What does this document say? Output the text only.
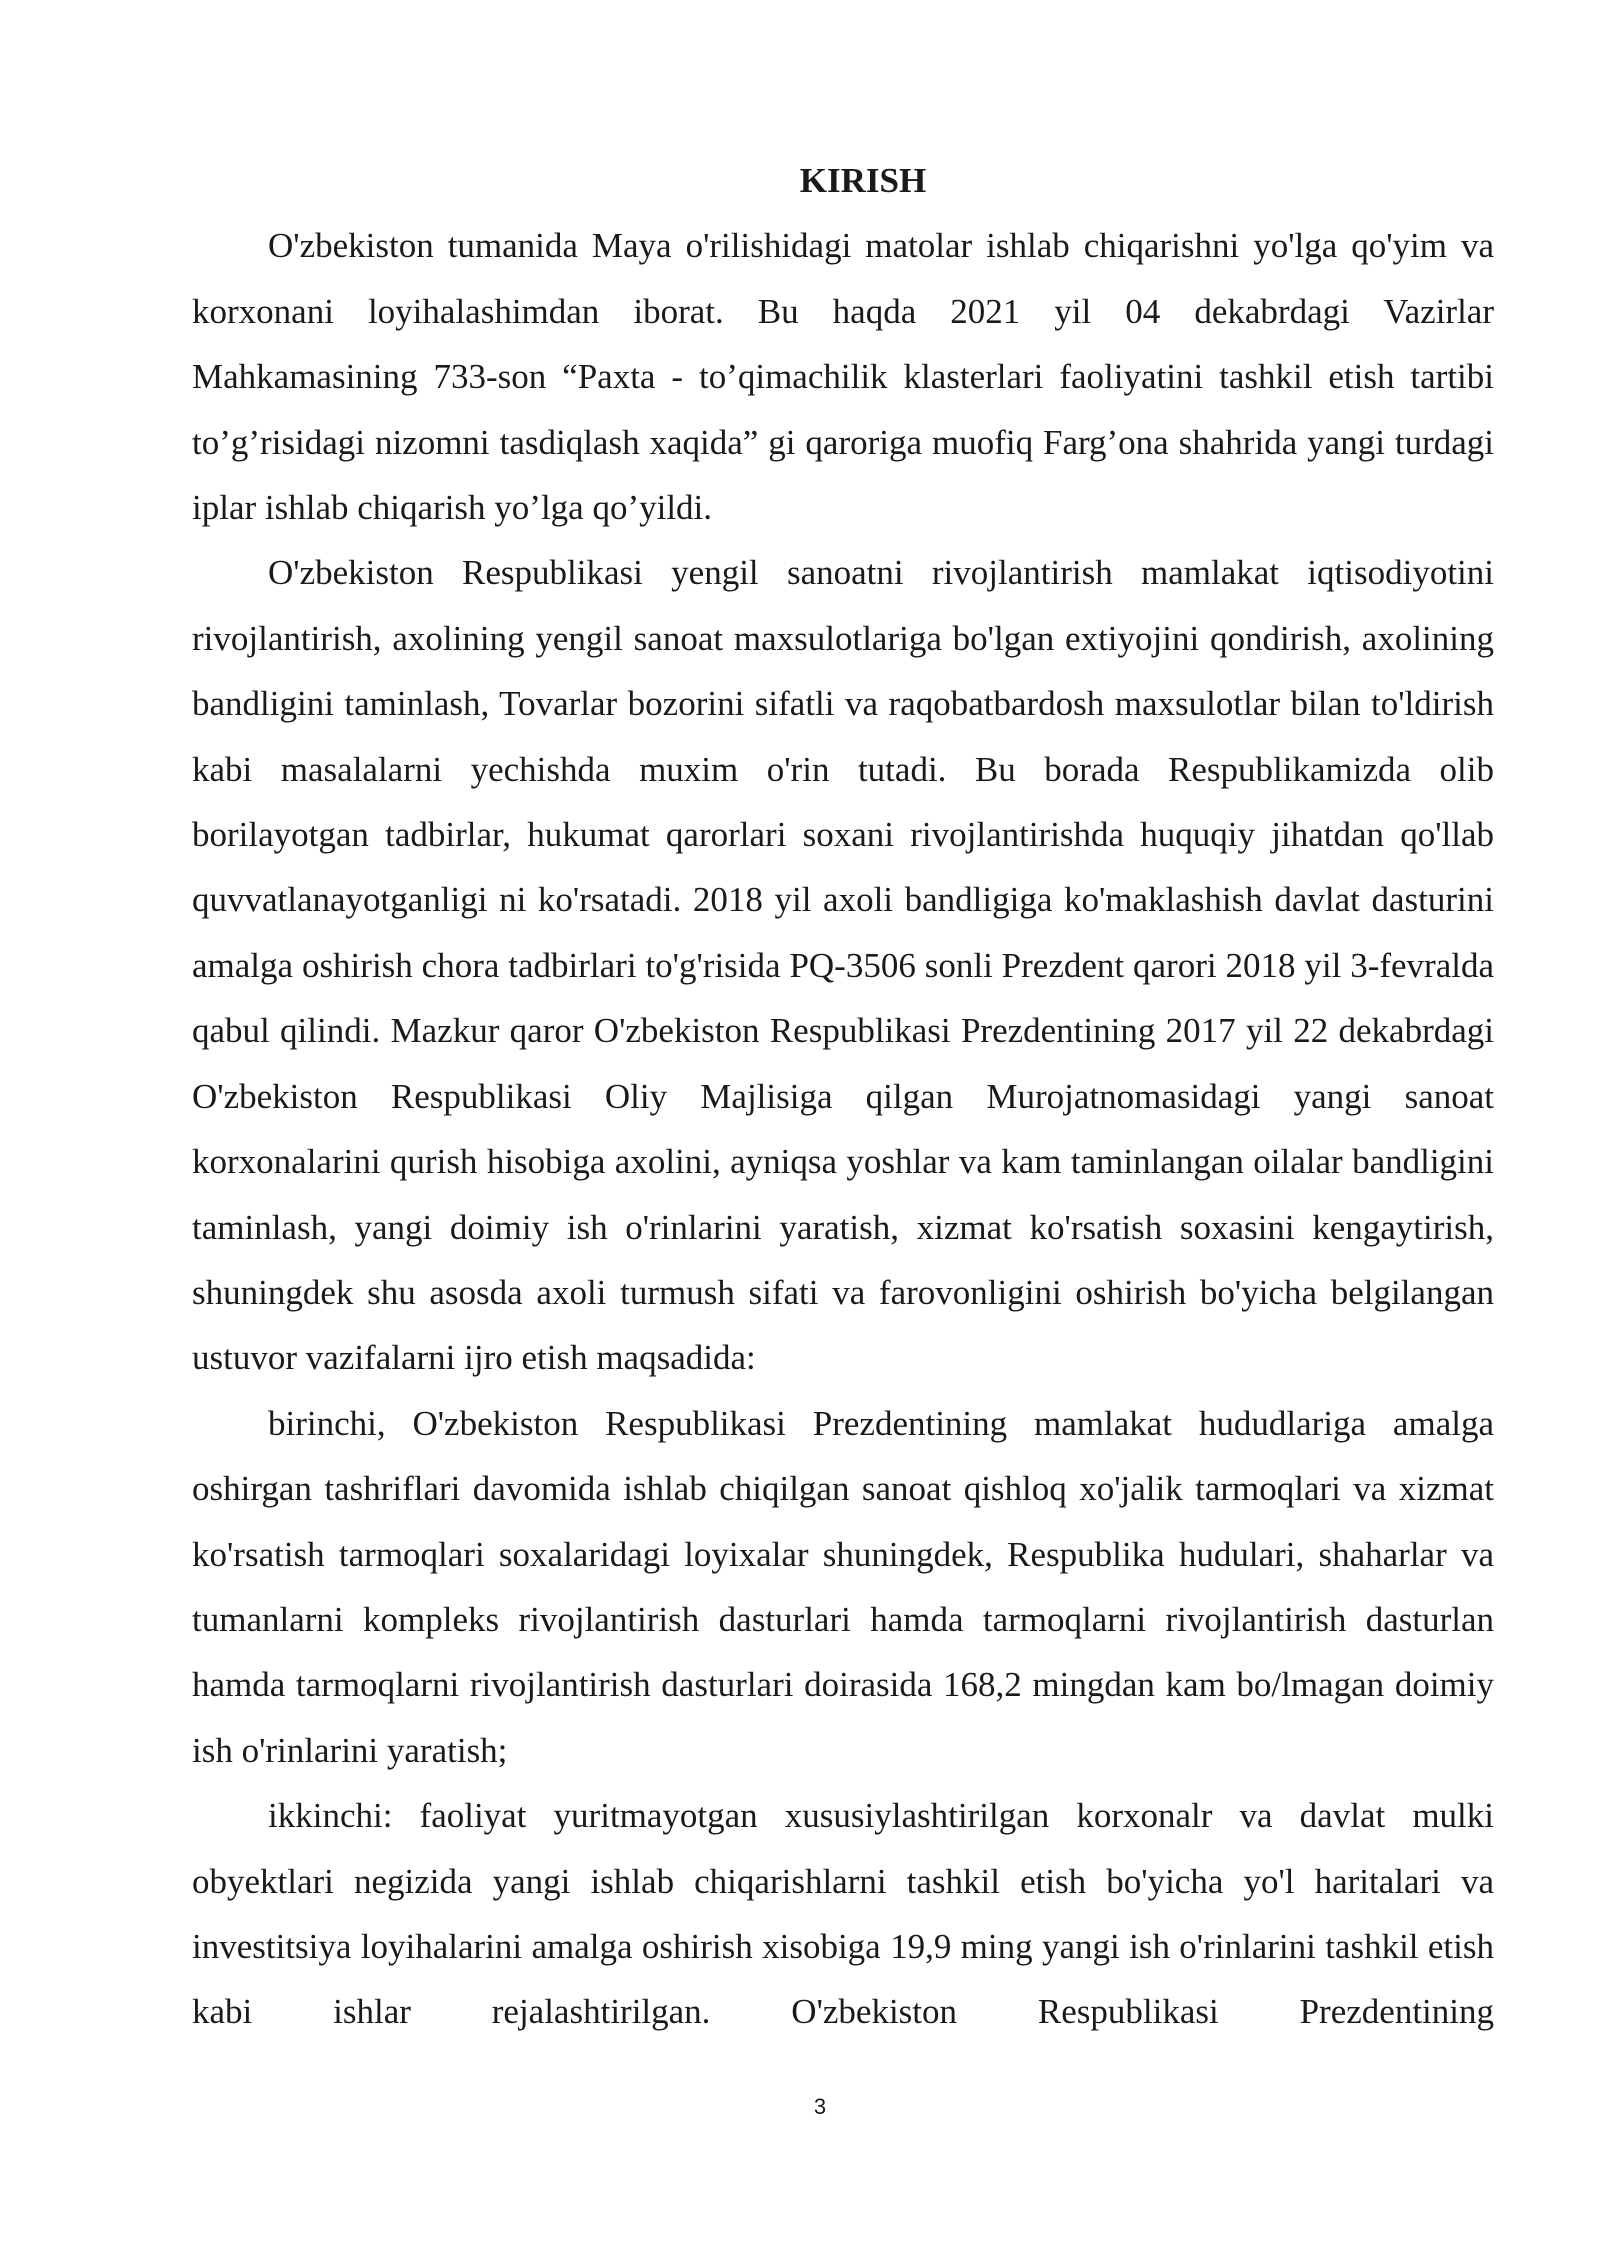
KIRISH

O'zbekiston tumanida Maya o'rilishidagi matolar ishlab chiqarishni yo'lga qo'yim va korxonani loyihalashimdan iborat. Bu haqda 2021 yil 04 dekabrdagi Vazirlar Mahkamasining 733-son “Paxta - to’qimachilik klasterlari faoliyatini tashkil etish tartibi to’g’risidagi nizomni tasdiqlash xaqida” gi qaroriga muofiq Farg’ona shahrida yangi turdagi iplar ishlab chiqarish yo’lga qo’yildi.

O'zbekiston Respublikasi yengil sanoatni rivojlantirish mamlakat iqtisodiyotini rivojlantirish, axolining yengil sanoat maxsulotlariga bo'lgan extiyojini qondirish, axolining bandligini taminlash, Tovarlar bozorini sifatli va raqobatbardosh maxsulotlar bilan to'ldirish kabi masalalarni yechishda muxim o'rin tutadi. Bu borada Respublikamizda olib borilayotgan tadbirlar, hukumat qarorlari soxani rivojlantirishda huquqiy jihatdan qo'llab quvvatlanayotganligi ni ko'rsatadi. 2018 yil axoli bandligiga ko'maklashish davlat dasturini amalga oshirish chora tadbirlari to'g'risida PQ-3506 sonli Prezdent qarori 2018 yil 3-fevralda qabul qilindi. Mazkur qaror O'zbekiston Respublikasi Prezdentining 2017 yil 22 dekabrdagi O'zbekiston Respublikasi Oliy Majlisiga qilgan Murojatnomasidagi yangi sanoat korxonalarini qurish hisobiga axolini, ayniqsa yoshlar va kam taminlangan oilalar bandligini taminlash, yangi doimiy ish o'rinlarini yaratish, xizmat ko'rsatish soxasini kengaytirish, shuningdek shu asosda axoli turmush sifati va farovonligini oshirish bo'yicha belgilangan ustuvor vazifalarni ijro etish maqsadida:

birinchi, O'zbekiston Respublikasi Prezdentining mamlakat hududlariga amalga oshirgan tashriflari davomida ishlab chiqilgan sanoat qishloq xo'jalik tarmoqlari va xizmat ko'rsatish tarmoqlari soxalaridagi loyixalar shuningdek, Respublika hudulari, shaharlar va tumanlarni kompleks rivojlantirish dasturlari hamda tarmoqlarni rivojlantirish dasturlan hamda tarmoqlarni rivojlantirish dasturlari doirasida 168,2 mingdan kam bo/lmagan doimiy ish o'rinlarini yaratish;

ikkinchi: faoliyat yuritmayotgan xususiylashtirilgan korxonalr va davlat mulki obyektlari negizida yangi ishlab chiqarishlarni tashkil etish bo'yicha yo'l haritalari va investitsiya loyihalarini amalga oshirish xisobiga 19,9 ming yangi ish o'rinlarini tashkil etish kabi ishlar rejalashtirilgan. O'zbekiston Respublikasi Prezdentining

3
